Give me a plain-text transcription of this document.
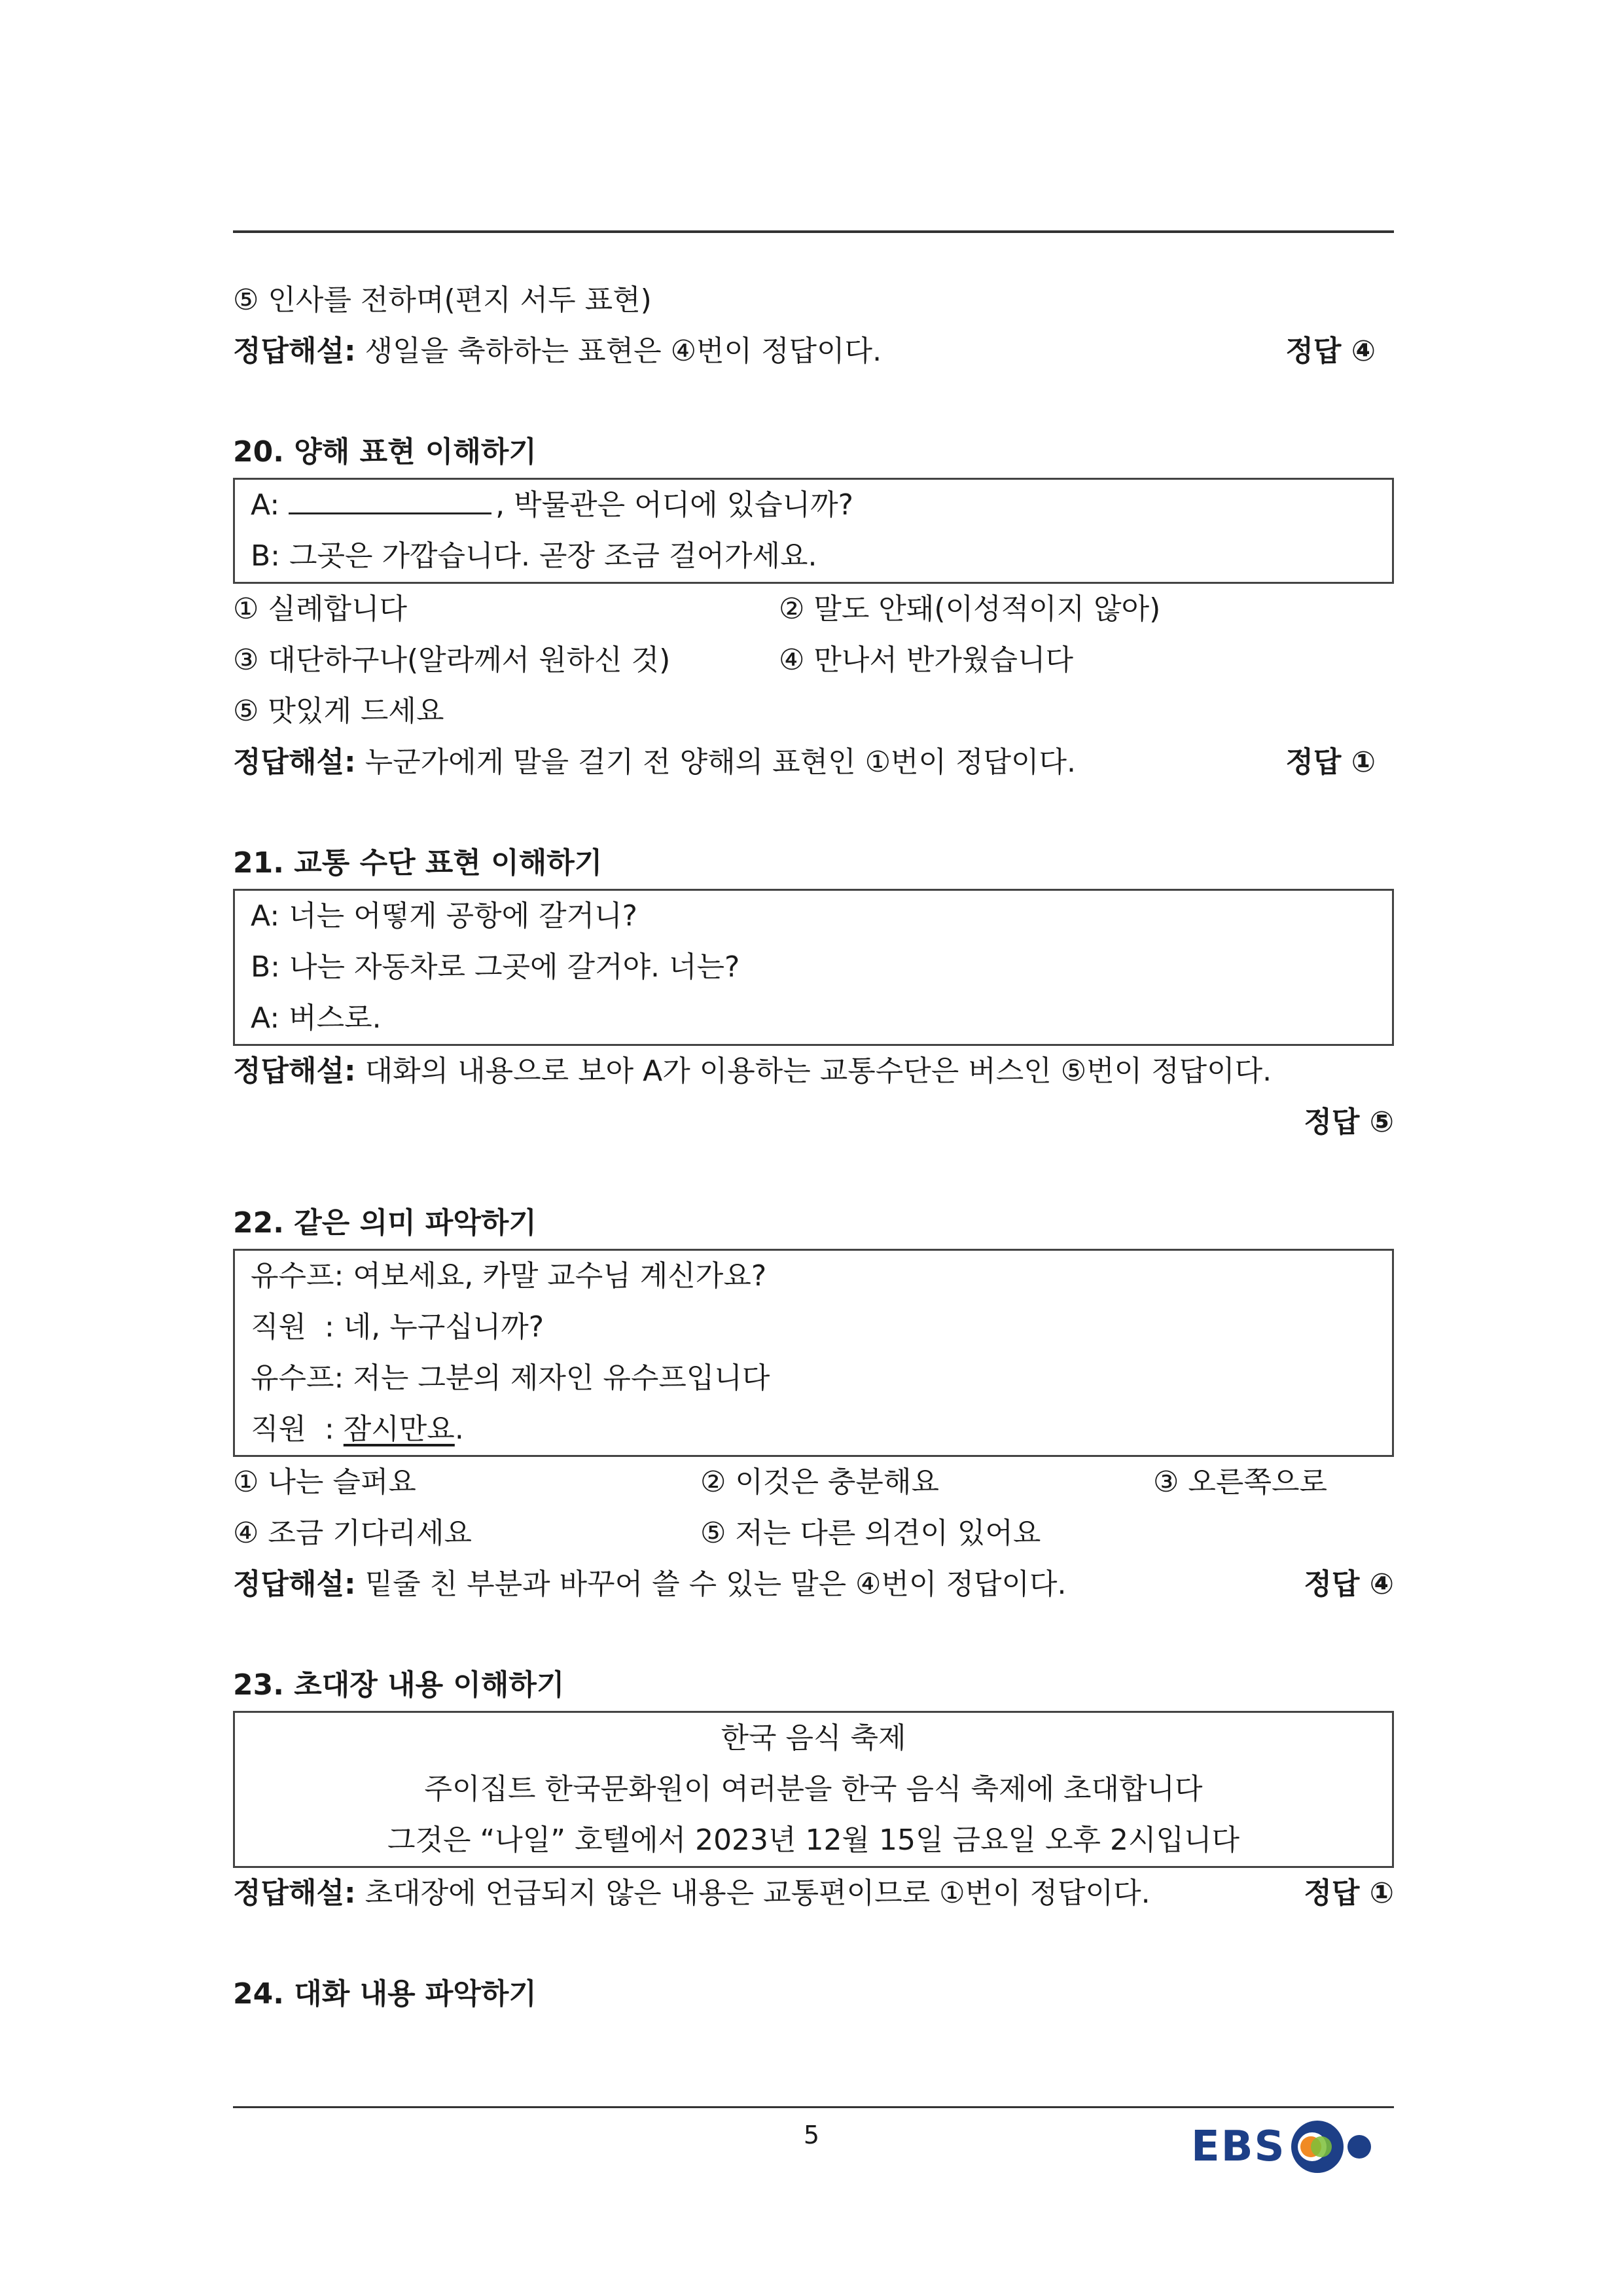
⑤ 인사를 전하며(편지 서두 표현)
정답해설: 생일을 축하하는 표현은 ④번이 정답이다.	정답 ④
20. 양해 표현 이해하기
A:	, 박물관은 어디에 있습니까?
B: 그곳은 가깝습니다. 곧장 조금 걸어가세요.
① 실례합니다	② 말도 안돼(이성적이지 않아)
③ 대단하구나(알라께서 원하신 것)	④ 만나서 반가웠습니다
⑤ 맛있게 드세요
정답해설: 누군가에게 말을 걸기 전 양해의 표현인 ①번이 정답이다.	정답 ①
21. 교통 수단 표현 이해하기
A: 너는 어떻게 공항에 갈거니?
B: 나는 자동차로 그곳에 갈거야. 너는?
A: 버스로.
정답해설: 대화의 내용으로 보아 A가 이용하는 교통수단은 버스인 ⑤번이 정답이다.
정답 ⑤
22. 같은 의미 파악하기
유수프: 여보세요, 카말 교수님 계신가요?
직원  : 네, 누구십니까?
유수프: 저는 그분의 제자인 유수프입니다
직원  : 잠시만요.
① 나는 슬퍼요	② 이것은 충분해요	③ 오른쪽으로
④ 조금 기다리세요	⑤ 저는 다른 의견이 있어요
정답해설: 밑줄 친 부분과 바꾸어 쓸 수 있는 말은 ④번이 정답이다.	정답 ④
23. 초대장 내용 이해하기
한국 음식 축제
주이집트 한국문화원이 여러분을 한국 음식 축제에 초대합니다
그것은 “나일” 호텔에서 2023년 12월 15일 금요일 오후 2시입니다
정답해설: 초대장에 언급되지 않은 내용은 교통편이므로 ①번이 정답이다.	정답 ①
24. 대화 내용 파악하기
5	EBS
